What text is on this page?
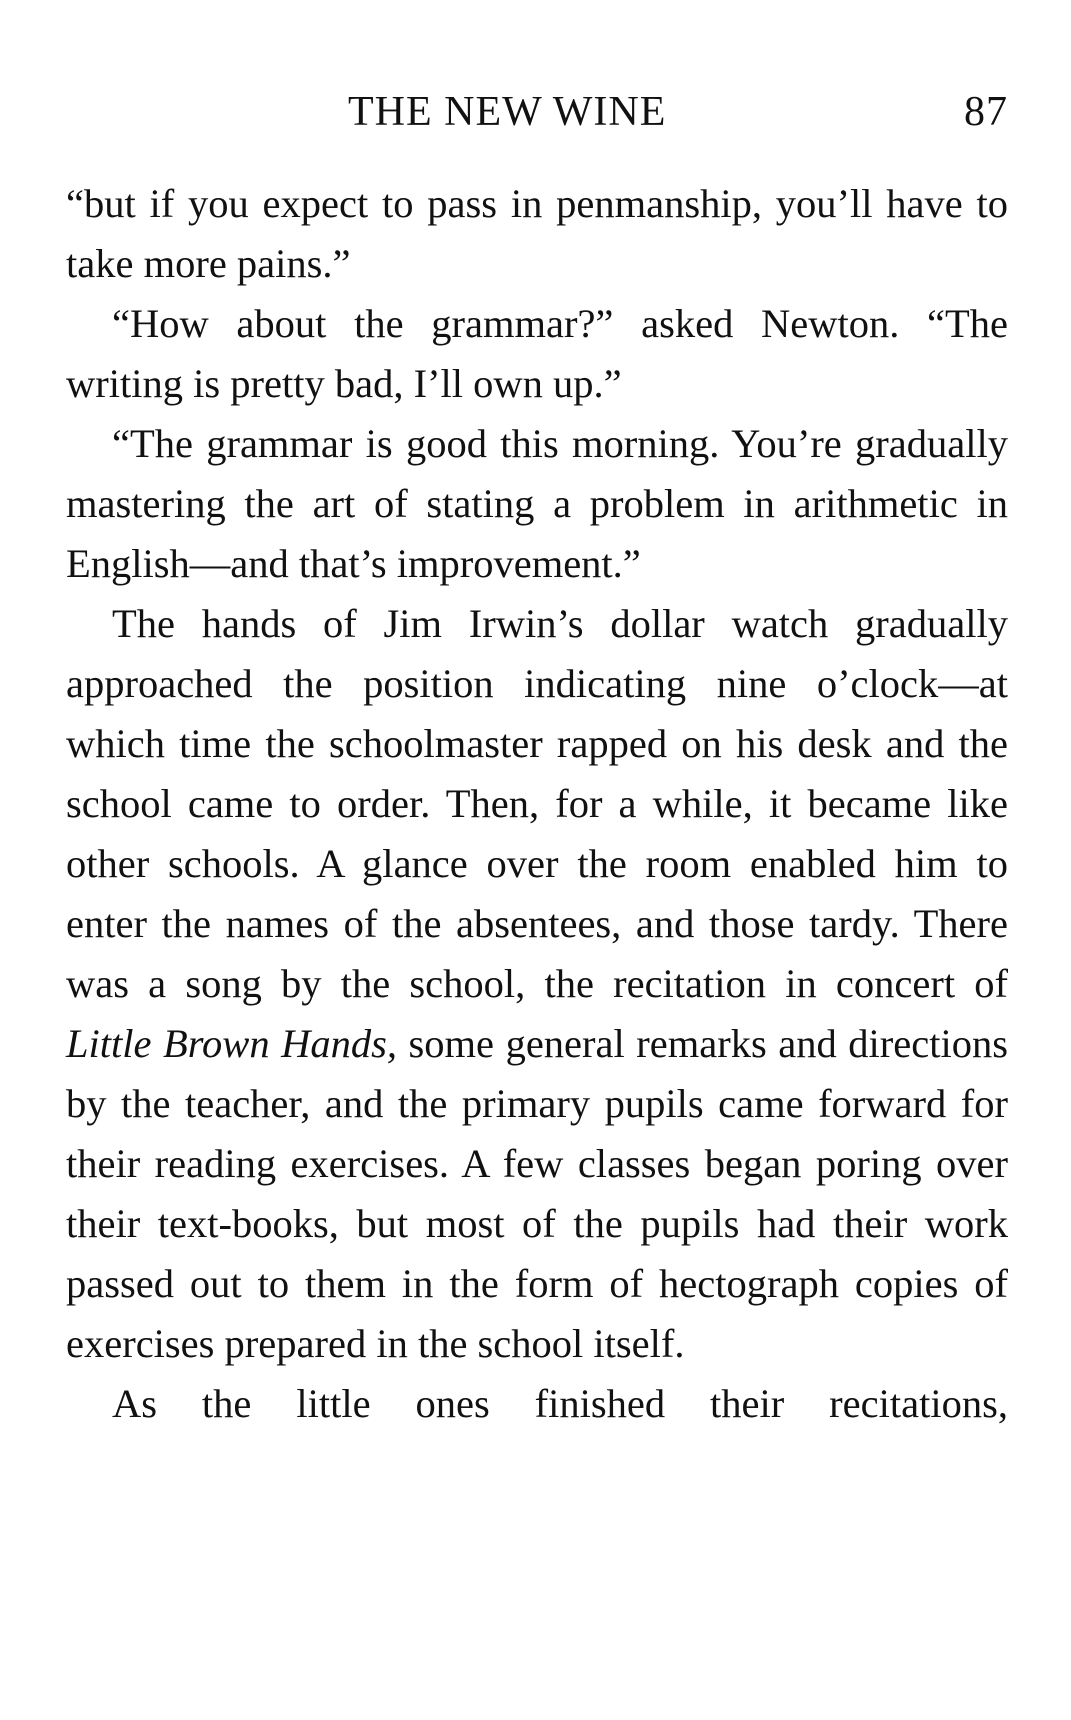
THE NEW WINE	87

“but if you expect to pass in penmanship, you’ll have to take more pains.”

“How about the grammar?” asked Newton. “The writing is pretty bad, I’ll own up.”

“The grammar is good this morning. You’re gradually mastering the art of stating a problem in arithmetic in English—and that’s improvement.”

The hands of Jim Irwin’s dollar watch gradually approached the position indicating nine o’clock—at which time the schoolmaster rapped on his desk and the school came to order. Then, for a while, it became like other schools. A glance over the room enabled him to enter the names of the absentees, and those tardy. There was a song by the school, the recitation in concert of Little Brown Hands, some general remarks and directions by the teacher, and the primary pupils came forward for their reading exercises. A few classes began poring over their text-books, but most of the pupils had their work passed out to them in the form of hectograph copies of exercises prepared in the school itself.

As the little ones finished their recitations,
